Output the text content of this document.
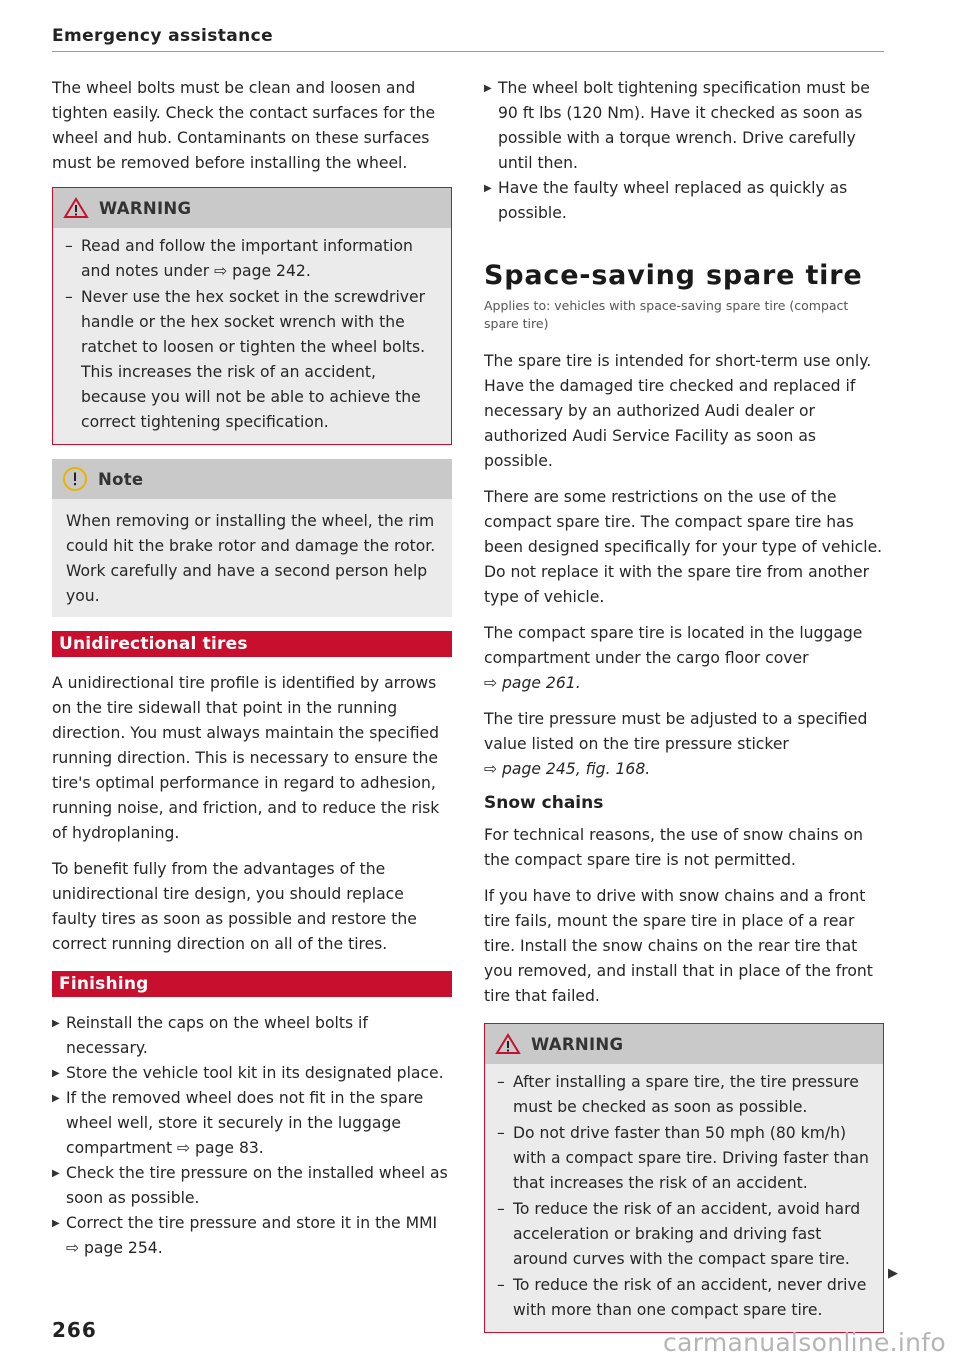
Emergency assistance

The wheel bolts must be clean and loosen and tighten easily. Check the contact surfaces for the wheel and hub. Contaminants on these surfaces must be removed before installing the wheel.

WARNING
– Read and follow the important information and notes under ⇨ page 242.
– Never use the hex socket in the screwdriver handle or the hex socket wrench with the ratchet to loosen or tighten the wheel bolts. This increases the risk of an accident, because you will not be able to achieve the correct tightening specification.
Note
When removing or installing the wheel, the rim could hit the brake rotor and damage the rotor. Work carefully and have a second person help you.
Unidirectional tires

A unidirectional tire profile is identified by arrows on the tire sidewall that point in the running direction. You must always maintain the specified running direction. This is necessary to ensure the tire's optimal performance in regard to adhesion, running noise, and friction, and to reduce the risk of hydroplaning.

To benefit fully from the advantages of the unidirectional tire design, you should replace faulty tires as soon as possible and restore the correct running direction on all of the tires.

Finishing
▶ Reinstall the caps on the wheel bolts if necessary.
▶ Store the vehicle tool kit in its designated place.
▶ If the removed wheel does not fit in the spare wheel well, store it securely in the luggage compartment ⇨ page 83.
▶ Check the tire pressure on the installed wheel as soon as possible.
▶ Correct the tire pressure and store it in the MMI ⇨ page 254.
▶ The wheel bolt tightening specification must be 90 ft lbs (120 Nm). Have it checked as soon as possible with a torque wrench. Drive carefully until then.
▶ Have the faulty wheel replaced as quickly as possible.
Space-saving spare tire
Applies to: vehicles with space-saving spare tire (compact spare tire)

The spare tire is intended for short-term use only. Have the damaged tire checked and replaced if necessary by an authorized Audi dealer or authorized Audi Service Facility as soon as possible.

There are some restrictions on the use of the compact spare tire. The compact spare tire has been designed specifically for your type of vehicle. Do not replace it with the spare tire from another type of vehicle.

The compact spare tire is located in the luggage compartment under the cargo floor cover
⇨ page 261.

The tire pressure must be adjusted to a specified value listed on the tire pressure sticker
⇨ page 245, fig. 168.

Snow chains

For technical reasons, the use of snow chains on the compact spare tire is not permitted.

If you have to drive with snow chains and a front tire fails, mount the spare tire in place of a rear tire. Install the snow chains on the rear tire that you removed, and install that in place of the front tire that failed.

WARNING
– After installing a spare tire, the tire pressure must be checked as soon as possible.
– Do not drive faster than 50 mph (80 km/h) with a compact spare tire. Driving faster than that increases the risk of an accident.
– To reduce the risk of an accident, avoid hard acceleration or braking and driving fast around curves with the compact spare tire.
– To reduce the risk of an accident, never drive with more than one compact spare tire.
▶
266	carmanualsonline.info
